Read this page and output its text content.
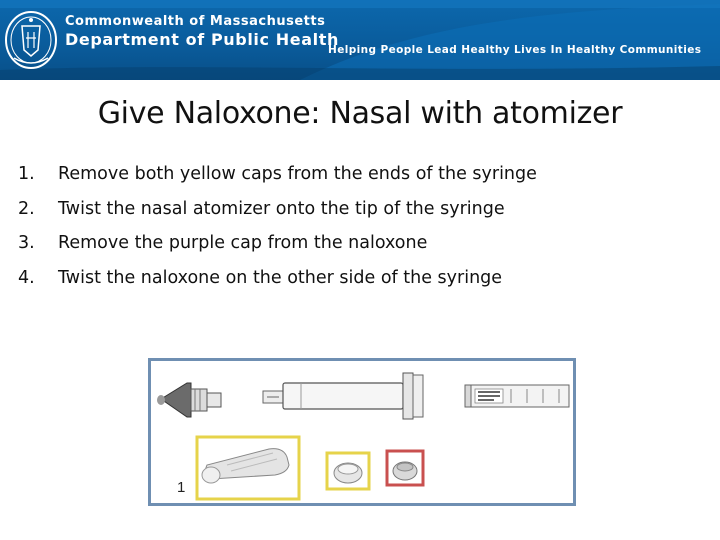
Commonwealth of Massachusetts
Department of Public Health
Helping People Lead Healthy Lives In Healthy Communities
Give Naloxone: Nasal with atomizer
1.	Remove both yellow caps from the ends of the syringe
2.	Twist the nasal atomizer onto the tip of the syringe
3.	Remove the purple cap from the naloxone
4.	Twist the naloxone on the other side of the syringe
1
